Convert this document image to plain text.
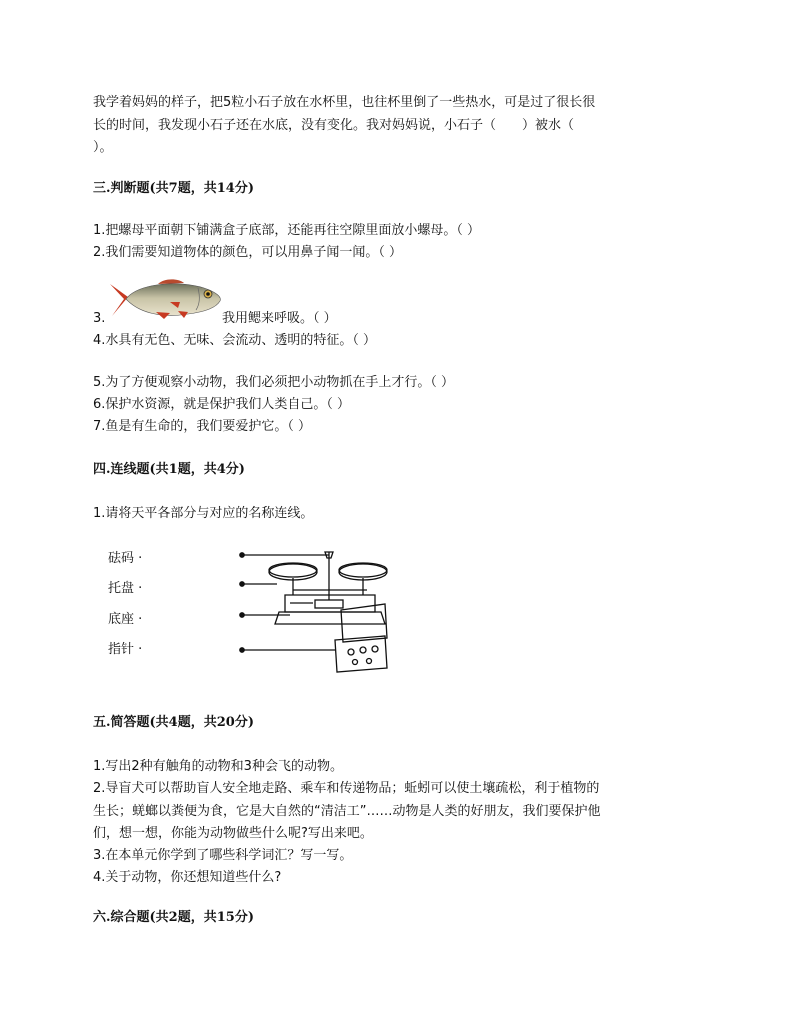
我学着妈妈的样子，把5粒小石子放在水杯里，也往杯里倒了一些热水，可是过了很长很
长的时间，我发现小石子还在水底，没有变化。我对妈妈说，小石子（　　）被水（
）。
三.判断题(共7题，共14分)
1.把螺母平面朝下铺满盒子底部，还能再往空隙里面放小螺母。（ ）
2.我们需要知道物体的颜色，可以用鼻子闻一闻。（ ）
3.	我用鳃来呼吸。（ ）
4.水具有无色、无味、会流动、透明的特征。（ ）
5.为了方便观察小动物，我们必须把小动物抓在手上才行。（ ）
6.保护水资源，就是保护我们人类自己。（ ）
7.鱼是有生命的，我们要爱护它。（ ）
四.连线题(共1题，共4分)
1.请将天平各部分与对应的名称连线。
砝码 ·
托盘 ·
底座 ·
指针 ·
五.简答题(共4题，共20分)
1.写出2种有触角的动物和3种会飞的动物。
2.导盲犬可以帮助盲人安全地走路、乘车和传递物品；蚯蚓可以使土壤疏松，利于植物的
生长；蜣螂以粪便为食，它是大自然的“清洁工”……动物是人类的好朋友，我们要保护他
们，想一想，你能为动物做些什么呢?写出来吧。
3.在本单元你学到了哪些科学词汇？写一写。
4.关于动物，你还想知道些什么?
六.综合题(共2题，共15分)
